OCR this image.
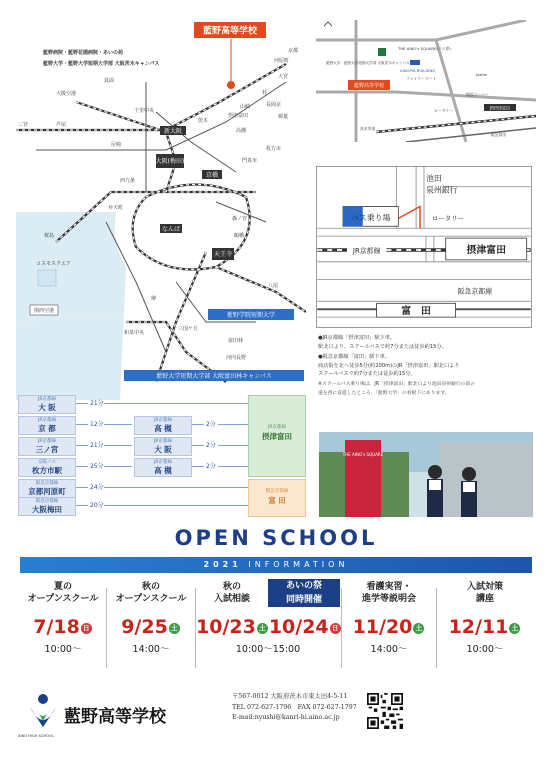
藍野高等学校
藍野病院・藍野花園病院・あいの苑
藍野大学・藍野大学短期大学部 大阪茨木キャンパス
藍野学院短期大学
藍野大学短期大学部 大阪富田林キャンパス
大阪空港
河原町
大宮
桂
摂津富田
高槻
茨木
京都
新大阪
大阪(梅田)
京橋
天王寺
なんば
弁天町
桜島
コスモスクエア
関西空港
堺
三国ケ丘
八尾
富田林
河内長野
和泉中央
三宮	芦屋
尼崎
西九条
森ノ宮
鶴橋
枚方市
樟葉
長岡京
山崎
箕面
千里中央
門真市
JR京都線
大 阪
JR京都線
京 都
JR京都線
三ノ宮
京阪バス
枚方市駅
阪急京都線
京都河原町
阪急京都線
大阪梅田
21分
12分
21分
25分
24分
20分
JR京都線
高 槻
JR京都線
大 阪
JR京都線
高 槻
2分
2分
2分
JR京都線
摂津富田
阪急京都線
富 田
藍野高等学校
THE AINO's SQUARE(バス停)
藍野大学・藍野大学短期大学部 大阪茨木キャンパス
AINOPIA BUILDING
ファミリーマート
Joshin
JR摂津富田
阪急富田
関西スーパー
ロータリー
茨木市道
バス乗り場
池田
泉州銀行
ロータリー
JR京都線	摂津富田
阪急京都線
富　田

●JR京都線「摂津富田」駅下車。
駅北口より、スクールバスで約7分または徒歩約15分。

●阪急京都線「富田」駅下車。
商店街を北へ徒歩5分(約200m)のJR「摂津富田」駅北口より
スクールバスで約7分または徒歩約15分。

※スクールバス乗り場は、JR「摂津富田」駅北口より池田泉州銀行の前の
道を西に直進したところ、「藍野大学」の看板下にあります。

THE AINO's SQUARE
OPEN SCHOOL
2021 INFORMATION
夏の
オープンスクール
7/18 日
10:00〜
秋の
オープンスクール
9/25 土
14:00〜
秋の
入試相談
あいの祭
同時開催
10/23 土 10/24 日
10:00〜15:00
看護実習・
進学等説明会
11/20 土
14:00〜
入試対策
講座
12/11 土
10:00〜
AINO HIGH SCHOOL
藍野高等学校
〒567-0012 大阪府茨木市東太田4-5-11
TEL 072-627-1796　FAX 072-627-1797
E-mail:nyushi@kanri-hi.aino.ac.jp
